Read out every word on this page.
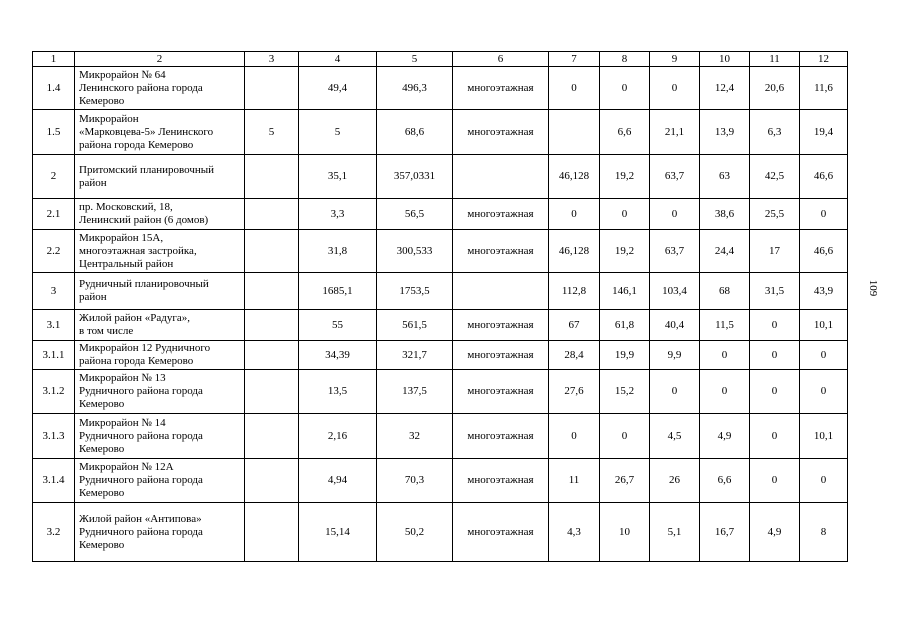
1	2	3	4	5	6	7	8	9	10	11	12
1.4	Микрорайон № 64
Ленинского района города
Кемерово		49,4	496,3	многоэтажная	0	0	0	12,4	20,6	11,6
1.5	Микрорайон
«Марковцева-5» Ленинского
района города Кемерово	5	5	68,6	многоэтажная		6,6	21,1	13,9	6,3	19,4
2	Притомский планировочный
район		35,1	357,0331		46,128	19,2	63,7	63	42,5	46,6
2.1	пр. Московский, 18,
Ленинский район (6 домов)		3,3	56,5	многоэтажная	0	0	0	38,6	25,5	0
2.2	Микрорайон 15А,
многоэтажная застройка,
Центральный район		31,8	300,533	многоэтажная	46,128	19,2	63,7	24,4	17	46,6
3	Рудничный планировочный
район		1685,1	1753,5		112,8	146,1	103,4	68	31,5	43,9
3.1	Жилой район «Радуга»,
в том числе		55	561,5	многоэтажная	67	61,8	40,4	11,5	0	10,1
3.1.1	Микрорайон 12 Рудничного
района города Кемерово		34,39	321,7	многоэтажная	28,4	19,9	9,9	0	0	0
3.1.2	Микрорайон № 13
Рудничного района города
Кемерово		13,5	137,5	многоэтажная	27,6	15,2	0	0	0	0
3.1.3	Микрорайон № 14
Рудничного района города
Кемерово		2,16	32	многоэтажная	0	0	4,5	4,9	0	10,1
3.1.4	Микрорайон № 12А
Рудничного района города
Кемерово		4,94	70,3	многоэтажная	11	26,7	26	6,6	0	0
3.2	Жилой район «Антипова»
Рудничного района города
Кемерово		15,14	50,2	многоэтажная	4,3	10	5,1	16,7	4,9	8
109
